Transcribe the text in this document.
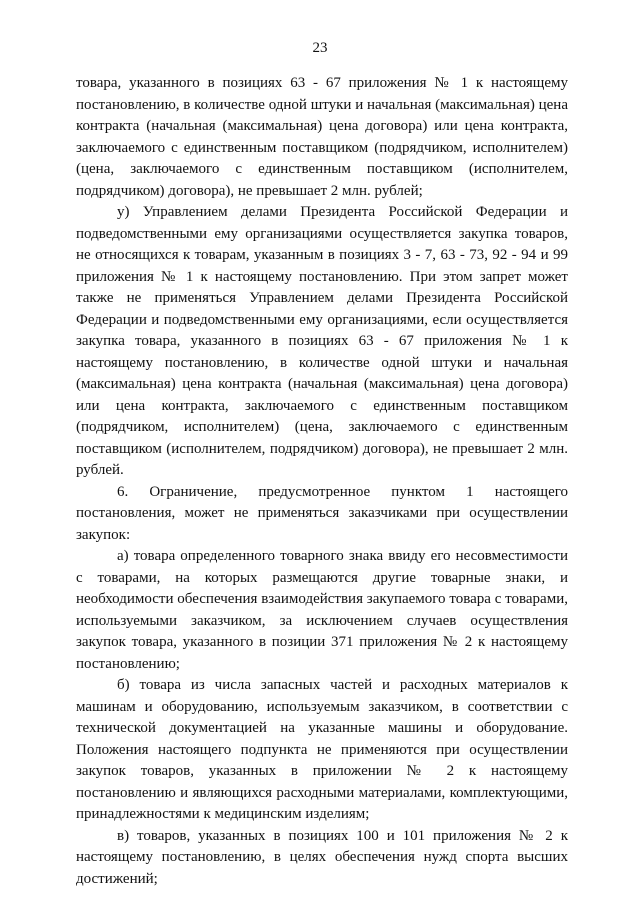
23

товара, указанного в позициях 63 - 67 приложения № 1 к настоящему постановлению, в количестве одной штуки и начальная (максимальная) цена контракта (начальная (максимальная) цена договора) или цена контракта, заключаемого с единственным поставщиком (подрядчиком, исполнителем) (цена, заключаемого с единственным поставщиком (исполнителем, подрядчиком) договора), не превышает 2 млн. рублей;

у) Управлением делами Президента Российской Федерации и подведомственными ему организациями осуществляется закупка товаров, не относящихся к товарам, указанным в позициях 3 - 7, 63 - 73, 92 - 94 и 99 приложения № 1 к настоящему постановлению. При этом запрет может также не применяться Управлением делами Президента Российской Федерации и подведомственными ему организациями, если осуществляется закупка товара, указанного в позициях 63 - 67 приложения № 1 к настоящему постановлению, в количестве одной штуки и начальная (максимальная) цена контракта (начальная (максимальная) цена договора) или цена контракта, заключаемого с единственным поставщиком (подрядчиком, исполнителем) (цена, заключаемого с единственным поставщиком (исполнителем, подрядчиком) договора), не превышает 2 млн. рублей.

6. Ограничение, предусмотренное пунктом 1 настоящего постановления, может не применяться заказчиками при осуществлении закупок:

а) товара определенного товарного знака ввиду его несовместимости с товарами, на которых размещаются другие товарные знаки, и необходимости обеспечения взаимодействия закупаемого товара с товарами, используемыми заказчиком, за исключением случаев осуществления закупок товара, указанного в позиции 371 приложения № 2 к настоящему постановлению;

б) товара из числа запасных частей и расходных материалов к машинам и оборудованию, используемым заказчиком, в соответствии с технической документацией на указанные машины и оборудование. Положения настоящего подпункта не применяются при осуществлении закупок товаров, указанных в приложении № 2 к настоящему постановлению и являющихся расходными материалами, комплектующими, принадлежностями к медицинским изделиям;

в) товаров, указанных в позициях 100 и 101 приложения № 2 к настоящему постановлению, в целях обеспечения нужд спорта высших достижений;
